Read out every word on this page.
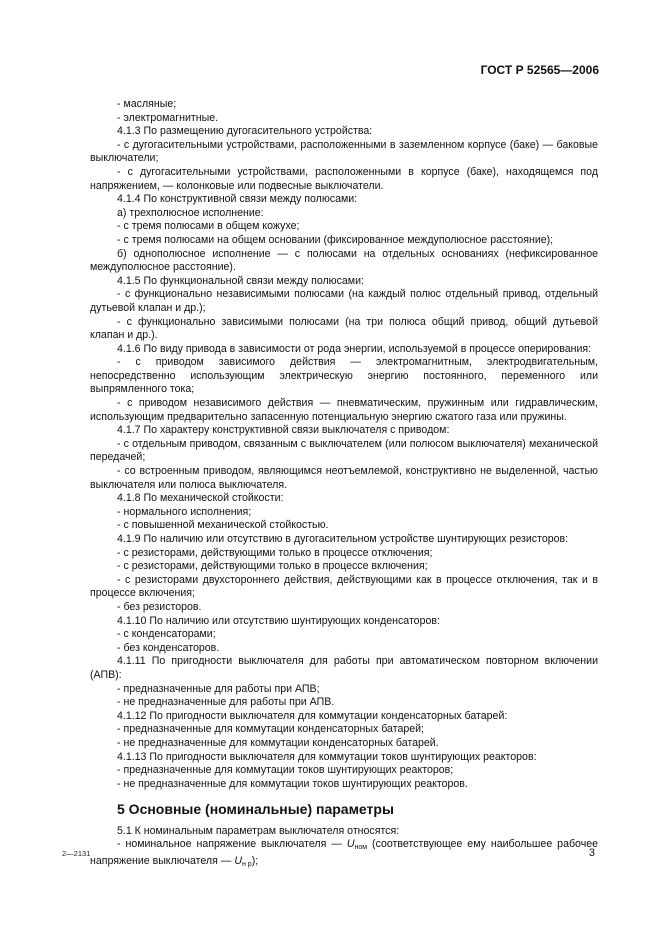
ГОСТ Р 52565—2006

- масляные;

- электромагнитные.

4.1.3 По размещению дугогасительного устройства:

- с дугогасительными устройствами, расположенными в заземленном корпусе (баке) — баковые выключатели;

- с дугогасительными устройствами, расположенными в корпусе (баке), находящемся под напряжением, — колонковые или подвесные выключатели.

4.1.4 По конструктивной связи между полюсами:

а) трехполюсное исполнение:

- с тремя полюсами в общем кожухе;

- с тремя полюсами на общем основании (фиксированное междуполюсное расстояние);

б) однополюсное исполнение — с полюсами на отдельных основаниях (нефиксированное междуполюсное расстояние).

4.1.5 По функциональной связи между полюсами:

- с функционально независимыми полюсами (на каждый полюс отдельный привод, отдельный дутьевой клапан и др.);

- с функционально зависимыми полюсами (на три полюса общий привод, общий дутьевой клапан и др.).

4.1.6 По виду привода в зависимости от рода энергии, используемой в процессе оперирования:

- с приводом зависимого действия — электромагнитным, электродвигательным, непосредственно использующим электрическую энергию постоянного, переменного или выпрямленного тока;

- с приводом независимого действия — пневматическим, пружинным или гидравлическим, использующим предварительно запасенную потенциальную энергию сжатого газа или пружины.

4.1.7 По характеру конструктивной связи выключателя с приводом:

- с отдельным приводом, связанным с выключателем (или полюсом выключателя) механической передачей;

- со встроенным приводом, являющимся неотъемлемой, конструктивно не выделенной, частью выключателя или полюса выключателя.

4.1.8 По механической стойкости:

- нормального исполнения;

- с повышенной механической стойкостью.

4.1.9 По наличию или отсутствию в дугогасительном устройстве шунтирующих резисторов:

- с резисторами, действующими только в процессе отключения;

- с резисторами, действующими только в процессе включения;

- с резисторами двухстороннего действия, действующими как в процессе отключения, так и в процессе включения;

- без резисторов.

4.1.10 По наличию или отсутствию шунтирующих конденсаторов:

- с конденсаторами;

- без конденсаторов.

4.1.11 По пригодности выключателя для работы при автоматическом повторном включении (АПВ):

- предназначенные для работы при АПВ;

- не предназначенные для работы при АПВ.

4.1.12 По пригодности выключателя для коммутации конденсаторных батарей:

- предназначенные для коммутации конденсаторных батарей;

- не предназначенные для коммутации конденсаторных батарей.

4.1.13 По пригодности выключателя для коммутации токов шунтирующих реакторов:

- предназначенные для коммутации токов шунтирующих реакторов;

- не предназначенные для коммутации токов шунтирующих реакторов.

5 Основные (номинальные) параметры

5.1 К номинальным параметрам выключателя относятся:

- номинальное напряжение выключателя — $U_{ном}$ (соответствующее ему наибольшее рабочее напряжение выключателя — $U_{н р}$);

2—2131	3
